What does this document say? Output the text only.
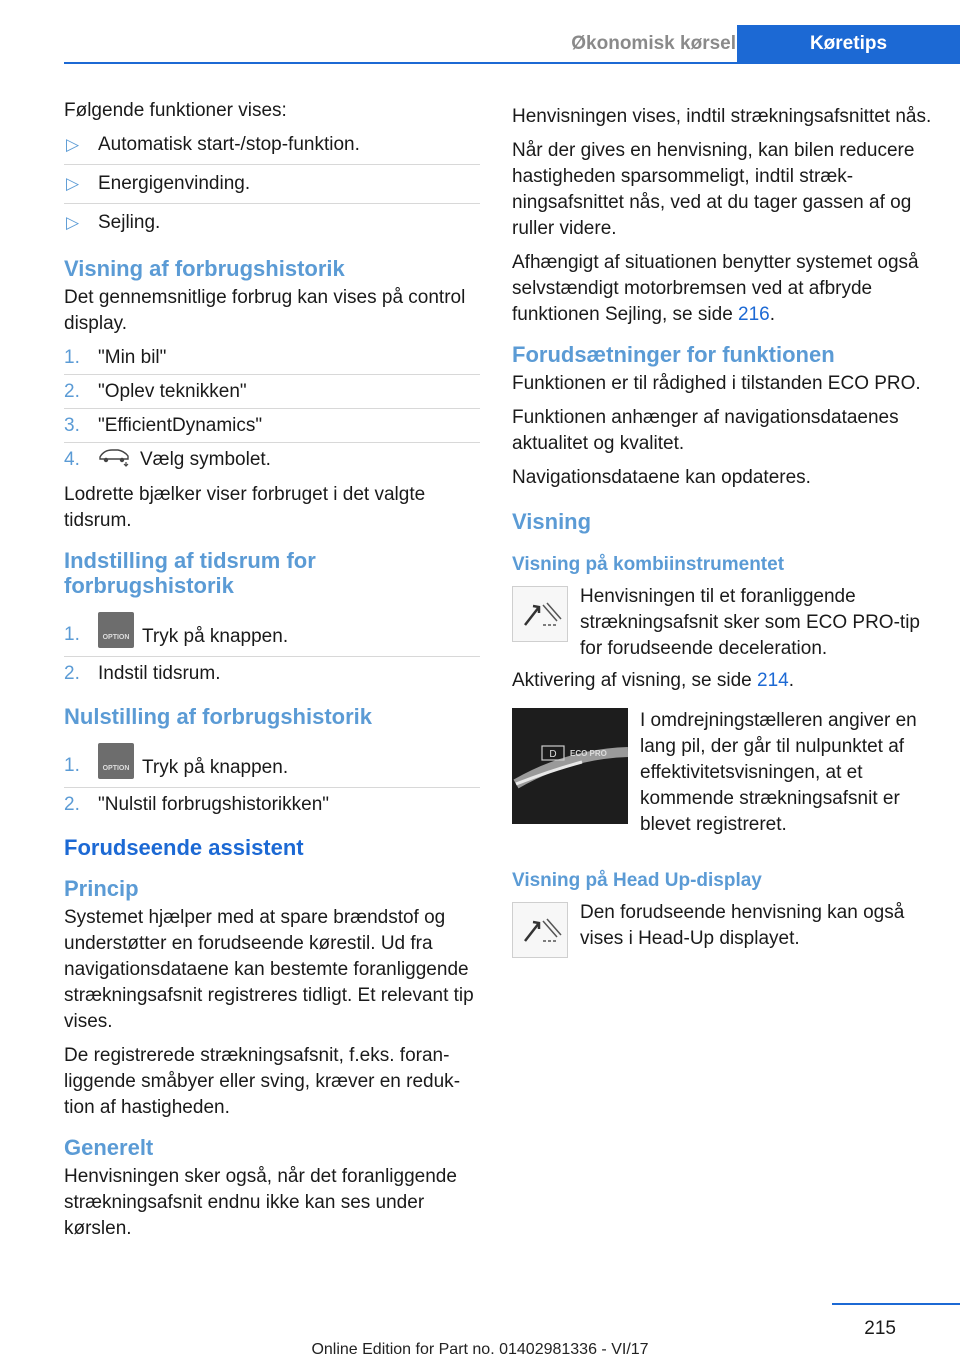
Økonomisk kørsel	Køretips

Følgende funktioner vises:

▷ Automatisk start-/stop-funktion.
▷ Energigenvinding.
▷ Sejling.
Visning af forbrugshistorik

Det gennemsnitlige forbrug kan vises på control display.

1. "Min bil"
2. "Oplev teknikken"
3. "EfficientDynamics"
4.	Vælg symbolet.

Lodrette bjælker viser forbruget i det valgte tidsrum.

Indstilling af tidsrum for forbrugshistorik
1.	OPTION Tryk på knappen.
2. Indstil tidsrum.
Nulstilling af forbrugshistorik
1.	OPTION Tryk på knappen.
2. "Nulstil forbrugshistorikken"
Forudseende assistent
Princip

Systemet hjælper med at spare brændstof og understøtter en forudseende kørestil. Ud fra navigationsdataene kan bestemte foranliggende strækningsafsnit registreres tidligt. Et relevant tip vises.

De registrerede strækningsafsnit, f.eks. foranliggende småbyer eller sving, kræver en reduktion af hastigheden.

Generelt

Henvisningen sker også, når det foranliggende strækningsafsnit endnu ikke kan ses under kørslen.

Henvisningen vises, indtil strækningsafsnittet nås.

Når der gives en henvisning, kan bilen reducere hastigheden sparsommeligt, indtil strækningsafsnittet nås, ved at du tager gassen af og ruller videre.

Afhængigt af situationen benytter systemet også selvstændigt motorbremsen ved at afbryde funktionen Sejling, se side 216.

Forudsætninger for funktionen

Funktionen er til rådighed i tilstanden ECO PRO.

Funktionen anhænger af navigationsdataenes aktualitet og kvalitet.

Navigationsdataene kan opdateres.

Visning
Visning på kombiinstrumentet

Henvisningen til et foranliggende strækningsafsnit sker som ECO PRO-tip for forudseende deceleration.

Aktivering af visning, se side 214.

D ECO PRO

I omdrejningstælleren angiver en lang pil, der går til nulpunktet af effektivitetsvisningen, at et kommende strækningsafsnit er blevet registreret.

Visning på Head Up-display

Den forudseende henvisning kan også vises i Head-Up displayet.

215
Online Edition for Part no. 01402981336 - VI/17
